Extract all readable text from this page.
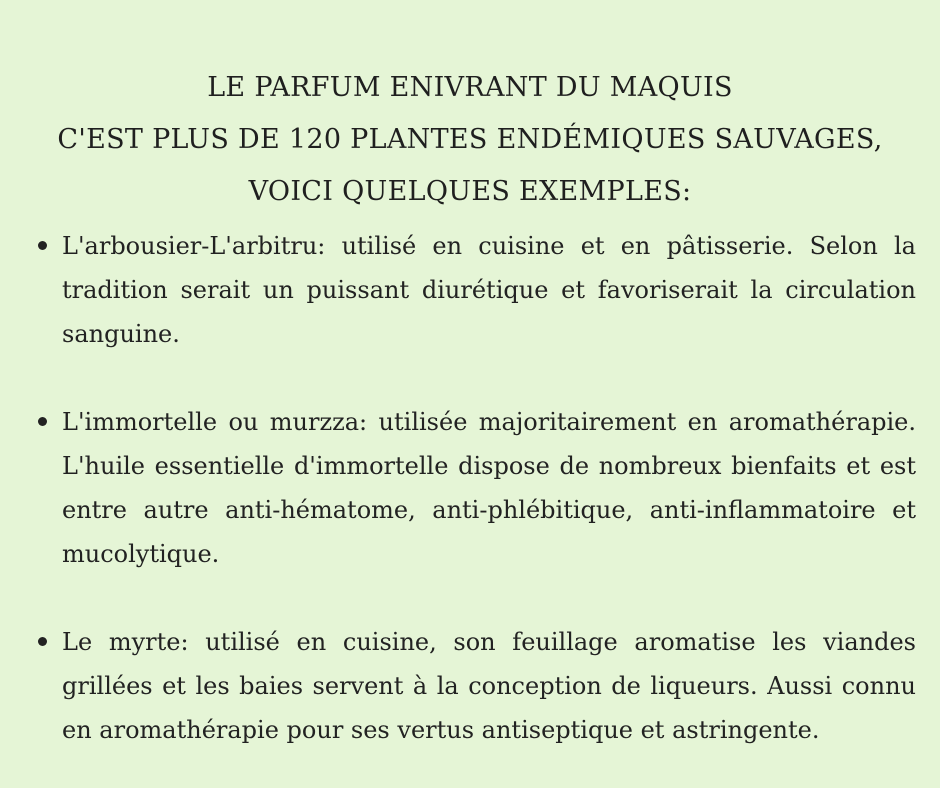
LE PARFUM ENIVRANT DU MAQUIS
C'EST PLUS DE 120 PLANTES ENDÉMIQUES SAUVAGES,
VOICI QUELQUES EXEMPLES:
L'arbousier-L'arbitru: utilisé en cuisine et en pâtisserie. Selon la tradition serait un puissant diurétique et favoriserait la circulation sanguine.
L'immortelle ou murzza: utilisée majoritairement en aromathérapie. L'huile essentielle d'immortelle dispose de nombreux bienfaits et est entre autre anti-hématome, anti-phlébitique, anti-inflammatoire et mucolytique.
Le myrte: utilisé en cuisine, son feuillage aromatise les viandes grillées et les baies servent à la conception de liqueurs. Aussi connu en aromathérapie pour ses vertus antiseptique et astringente.
